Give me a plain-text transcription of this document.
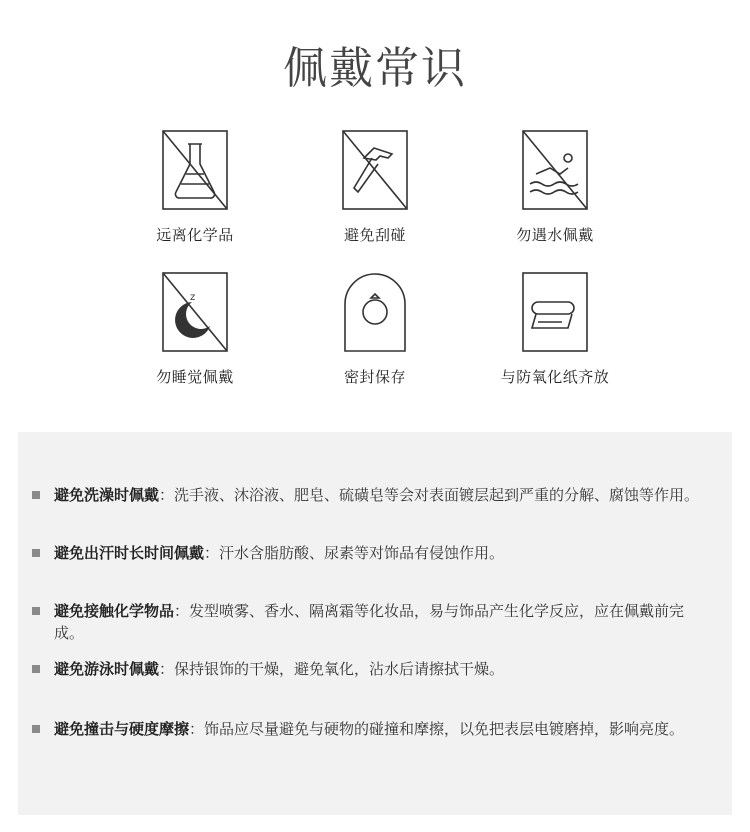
佩戴常识
远离化学品	避免刮碰	勿遇水佩戴
z
勿睡觉佩戴	密封保存	与防氧化纸齐放
避免洗澡时佩戴：洗手液、沐浴液、肥皂、硫磺皂等会对表面镀层起到严重的分解、腐蚀等作用。
避免出汗时长时间佩戴：汗水含脂肪酸、尿素等对饰品有侵蚀作用。
避免接触化学物品：发型喷雾、香水、隔离霜等化妆品，易与饰品产生化学反应，应在佩戴前完成。
避免游泳时佩戴：保持银饰的干燥，避免氧化，沾水后请擦拭干燥。
避免撞击与硬度摩擦：饰品应尽量避免与硬物的碰撞和摩擦，以免把表层电镀磨掉，影响亮度。
